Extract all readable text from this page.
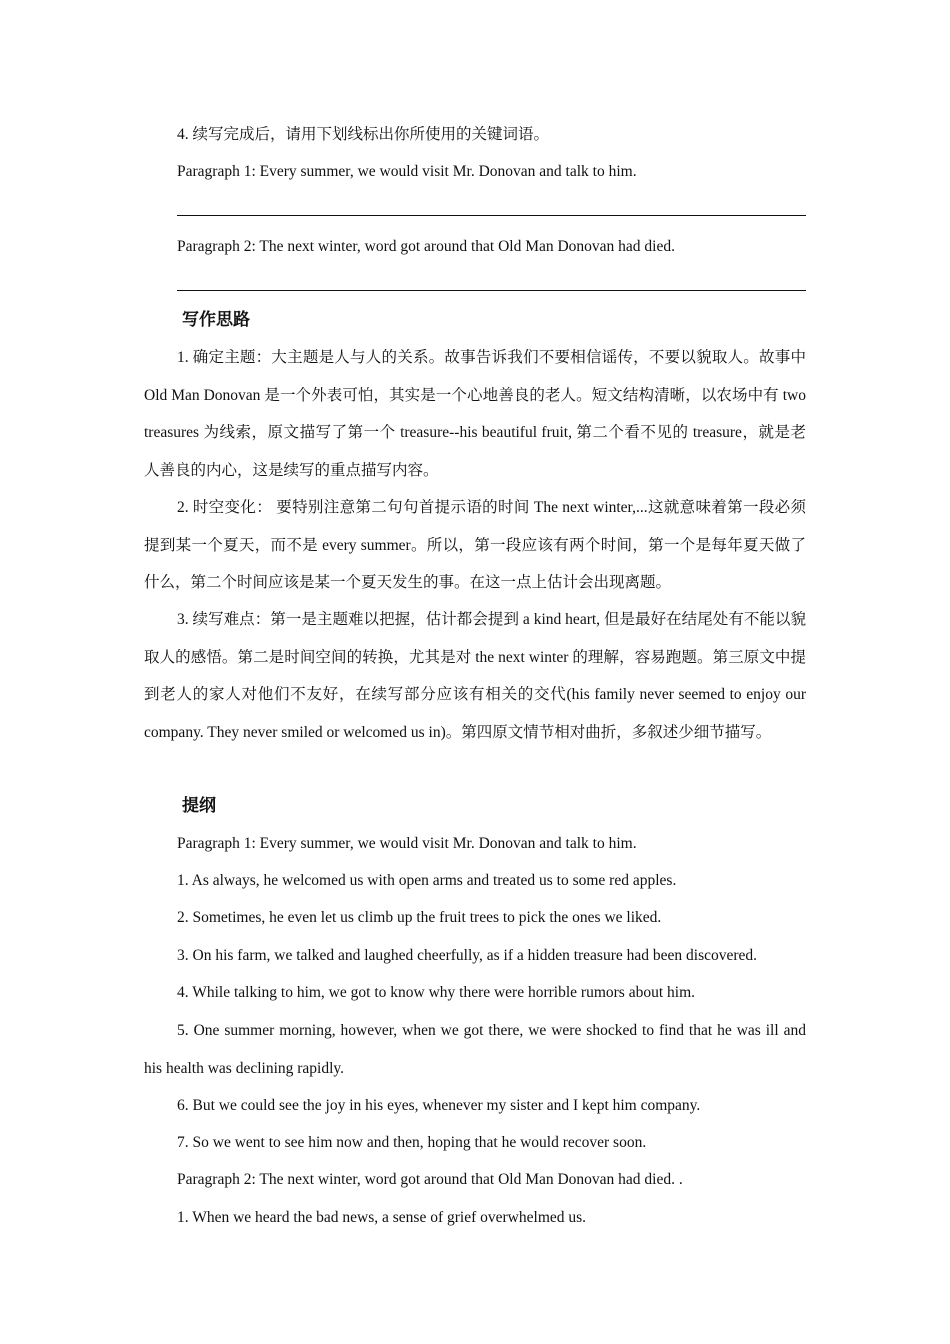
4. 续写完成后，请用下划线标出你所使用的关键词语。

Paragraph 1: Every summer, we would visit Mr. Donovan and talk to him.

Paragraph 2: The next winter, word got around that Old Man Donovan had died.

写作思路

1. 确定主题：大主题是人与人的关系。故事告诉我们不要相信谣传，不要以貌取人。故事中 Old Man Donovan 是一个外表可怕，其实是一个心地善良的老人。短文结构清晰，以农场中有 two treasures 为线索，原文描写了第一个 treasure--his beautiful fruit, 第二个看不见的 treasure，就是老人善良的内心，这是续写的重点描写内容。

2. 时空变化： 要特别注意第二句句首提示语的时间 The next winter,...这就意味着第一段必须提到某一个夏天，而不是 every summer。所以，第一段应该有两个时间，第一个是每年夏天做了什么，第二个时间应该是某一个夏天发生的事。在这一点上估计会出现离题。

3. 续写难点：第一是主题难以把握，估计都会提到 a kind heart, 但是最好在结尾处有不能以貌取人的感悟。第二是时间空间的转换，尤其是对 the next winter 的理解，容易跑题。第三原文中提到老人的家人对他们不友好，在续写部分应该有相关的交代(his family never seemed to enjoy our company. They never smiled or welcomed us in)。第四原文情节相对曲折，多叙述少细节描写。

提纲

Paragraph 1: Every summer, we would visit Mr. Donovan and talk to him.

1. As always, he welcomed us with open arms and treated us to some red apples.

2. Sometimes, he even let us climb up the fruit trees to pick the ones we liked.

3. On his farm, we talked and laughed cheerfully, as if a hidden treasure had been discovered.

4. While talking to him, we got to know why there were horrible rumors about him.

5. One summer morning, however, when we got there, we were shocked to find that he was ill and his health was declining rapidly.

6. But we could see the joy in his eyes, whenever my sister and I kept him company.

7. So we went to see him now and then, hoping that he would recover soon.

Paragraph 2: The next winter, word got around that Old Man Donovan had died. .

1. When we heard the bad news, a sense of grief overwhelmed us.
